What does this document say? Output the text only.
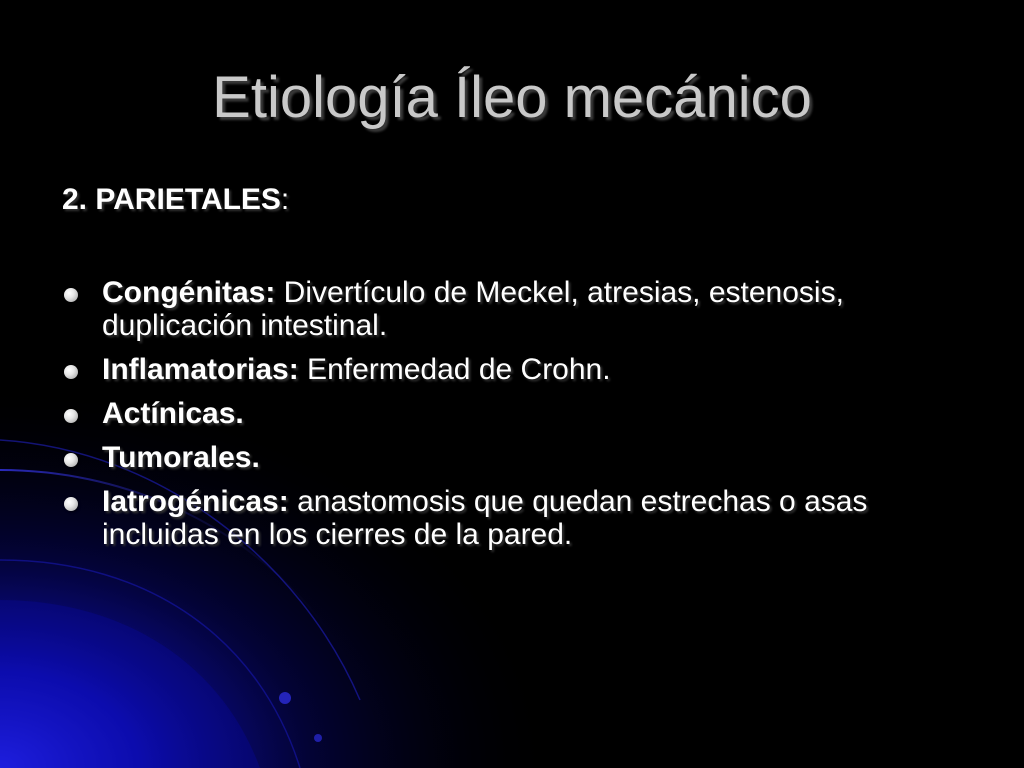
Etiología Íleo mecánico
2. PARIETALES:
Congénitas: Divertículo de Meckel, atresias, estenosis, duplicación intestinal.
Inflamatorias: Enfermedad de Crohn.
Actínicas.
Tumorales.
Iatrogénicas: anastomosis que quedan estrechas o asas incluidas en los cierres de la pared.
